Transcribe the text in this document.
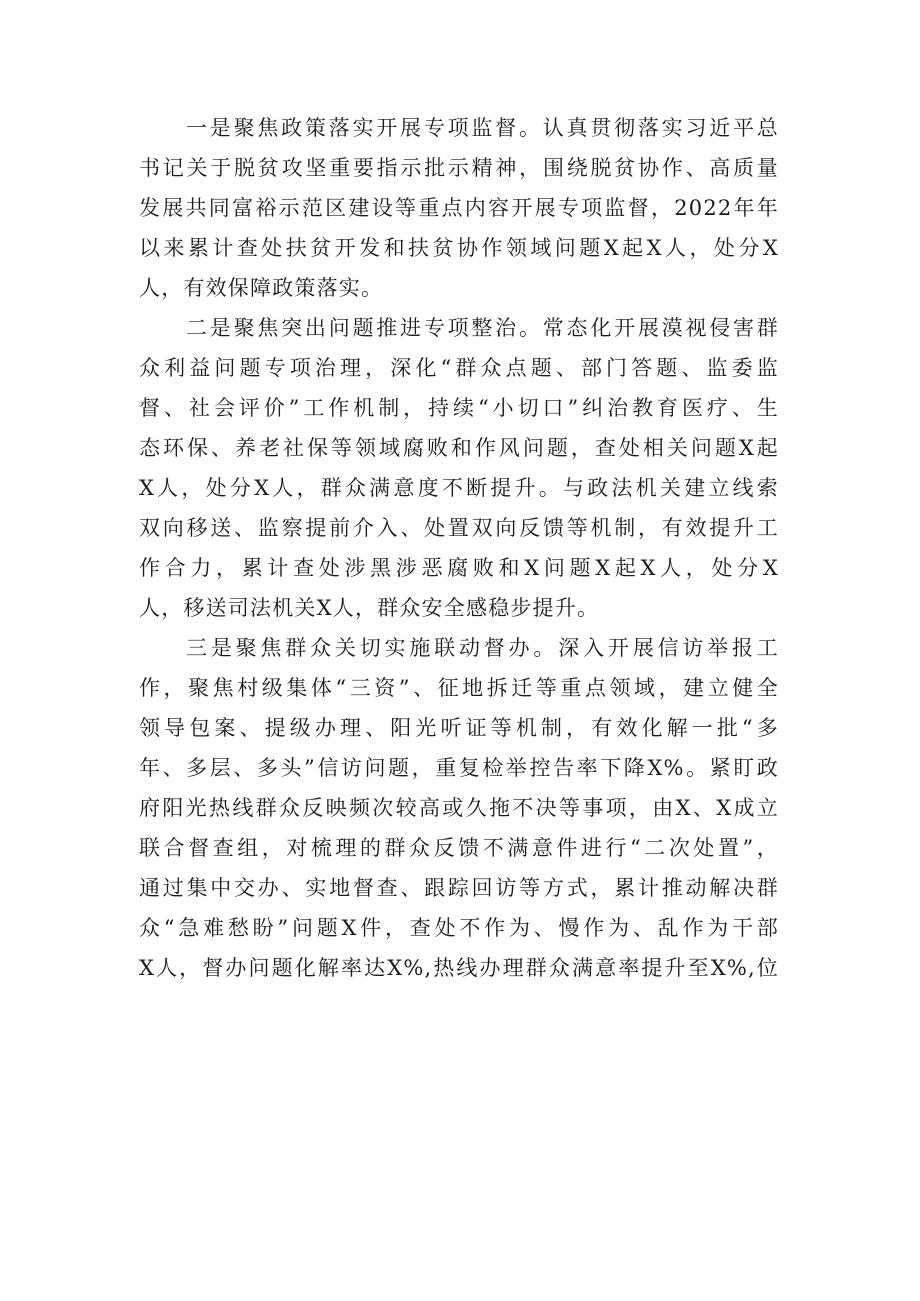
一是聚焦政策落实开展专项监督。认真贯彻落实习近平总
书记关于脱贫攻坚重要指示批示精神，围绕脱贫协作、高质量
发展共同富裕示范区建设等重点内容开展专项监督，2022年年
以来累计查处扶贫开发和扶贫协作领域问题X起X人，处分X
人，有效保障政策落实。
二是聚焦突出问题推进专项整治。常态化开展漠视侵害群
众利益问题专项治理，深化“群众点题、部门答题、监委监
督、社会评价”工作机制，持续“小切口”纠治教育医疗、生
态环保、养老社保等领域腐败和作风问题，查处相关问题X起
X人，处分X人，群众满意度不断提升。与政法机关建立线索
双向移送、监察提前介入、处置双向反馈等机制，有效提升工
作合力，累计查处涉黑涉恶腐败和X问题X起X人，处分X
人，移送司法机关X人，群众安全感稳步提升。
三是聚焦群众关切实施联动督办。深入开展信访举报工
作，聚焦村级集体“三资”、征地拆迁等重点领域，建立健全
领导包案、提级办理、阳光听证等机制，有效化解一批“多
年、多层、多头”信访问题，重复检举控告率下降X%。紧盯政
府阳光热线群众反映频次较高或久拖不决等事项，由X、X成立
联合督查组，对梳理的群众反馈不满意件进行“二次处置”，
通过集中交办、实地督查、跟踪回访等方式，累计推动解决群
众“急难愁盼”问题X件，查处不作为、慢作为、乱作为干部
X人，督办问题化解率达X%,热线办理群众满意率提升至X%,位
